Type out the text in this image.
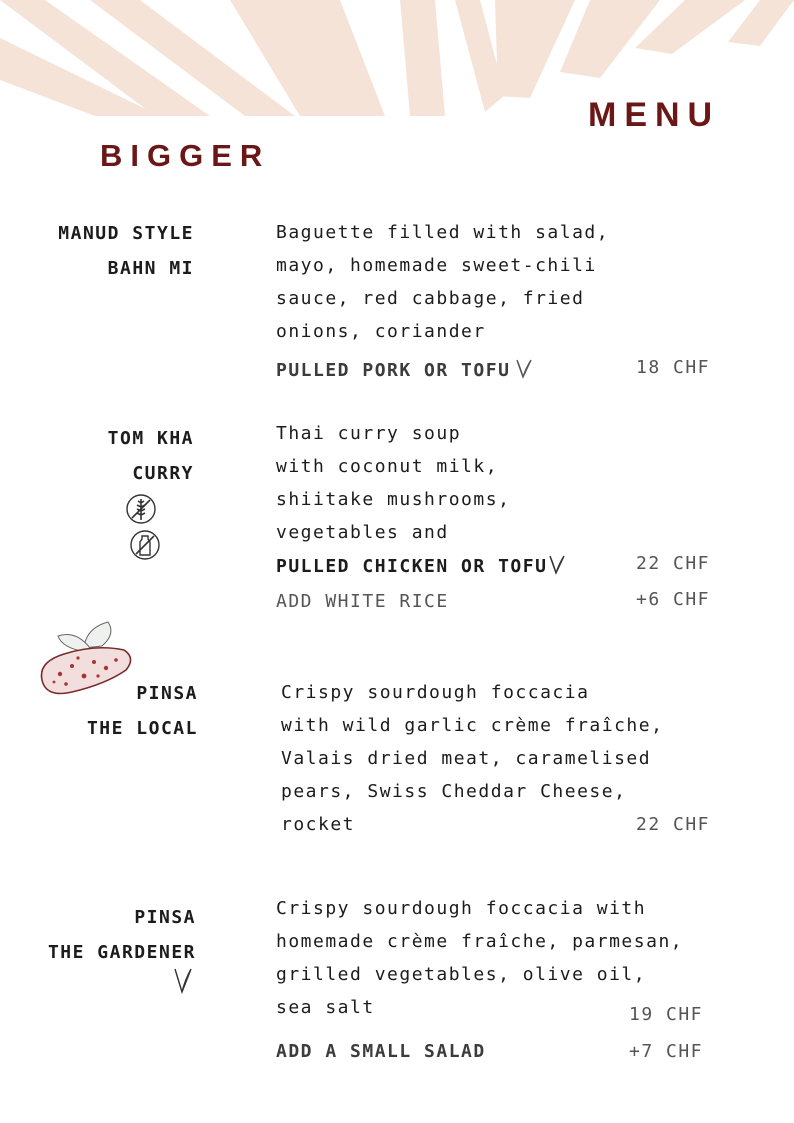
MENU
BIGGER
MANUD STYLE
BAHN MI
Baguette filled with salad,
mayo, homemade sweet-chili
sauce, red cabbage, fried
onions, coriander
PULLED PORK OR TOFU	18 CHF
TOM KHA
CURRY

Thai curry soup
with coconut milk,
shiitake mushrooms,
vegetables and
PULLED CHICKEN OR TOFU	22 CHF
ADD WHITE RICE	+6 CHF
PINSA
THE LOCAL
Crispy sourdough foccacia
with wild garlic crème fraîche,
Valais dried meat, caramelised
pears, Swiss Cheddar Cheese,
rocket	22 CHF
PINSA
THE GARDENER
Crispy sourdough foccacia with
homemade crème fraîche, parmesan,
grilled vegetables, olive oil,
sea salt	19 CHF
ADD A SMALL SALAD	+7 CHF
